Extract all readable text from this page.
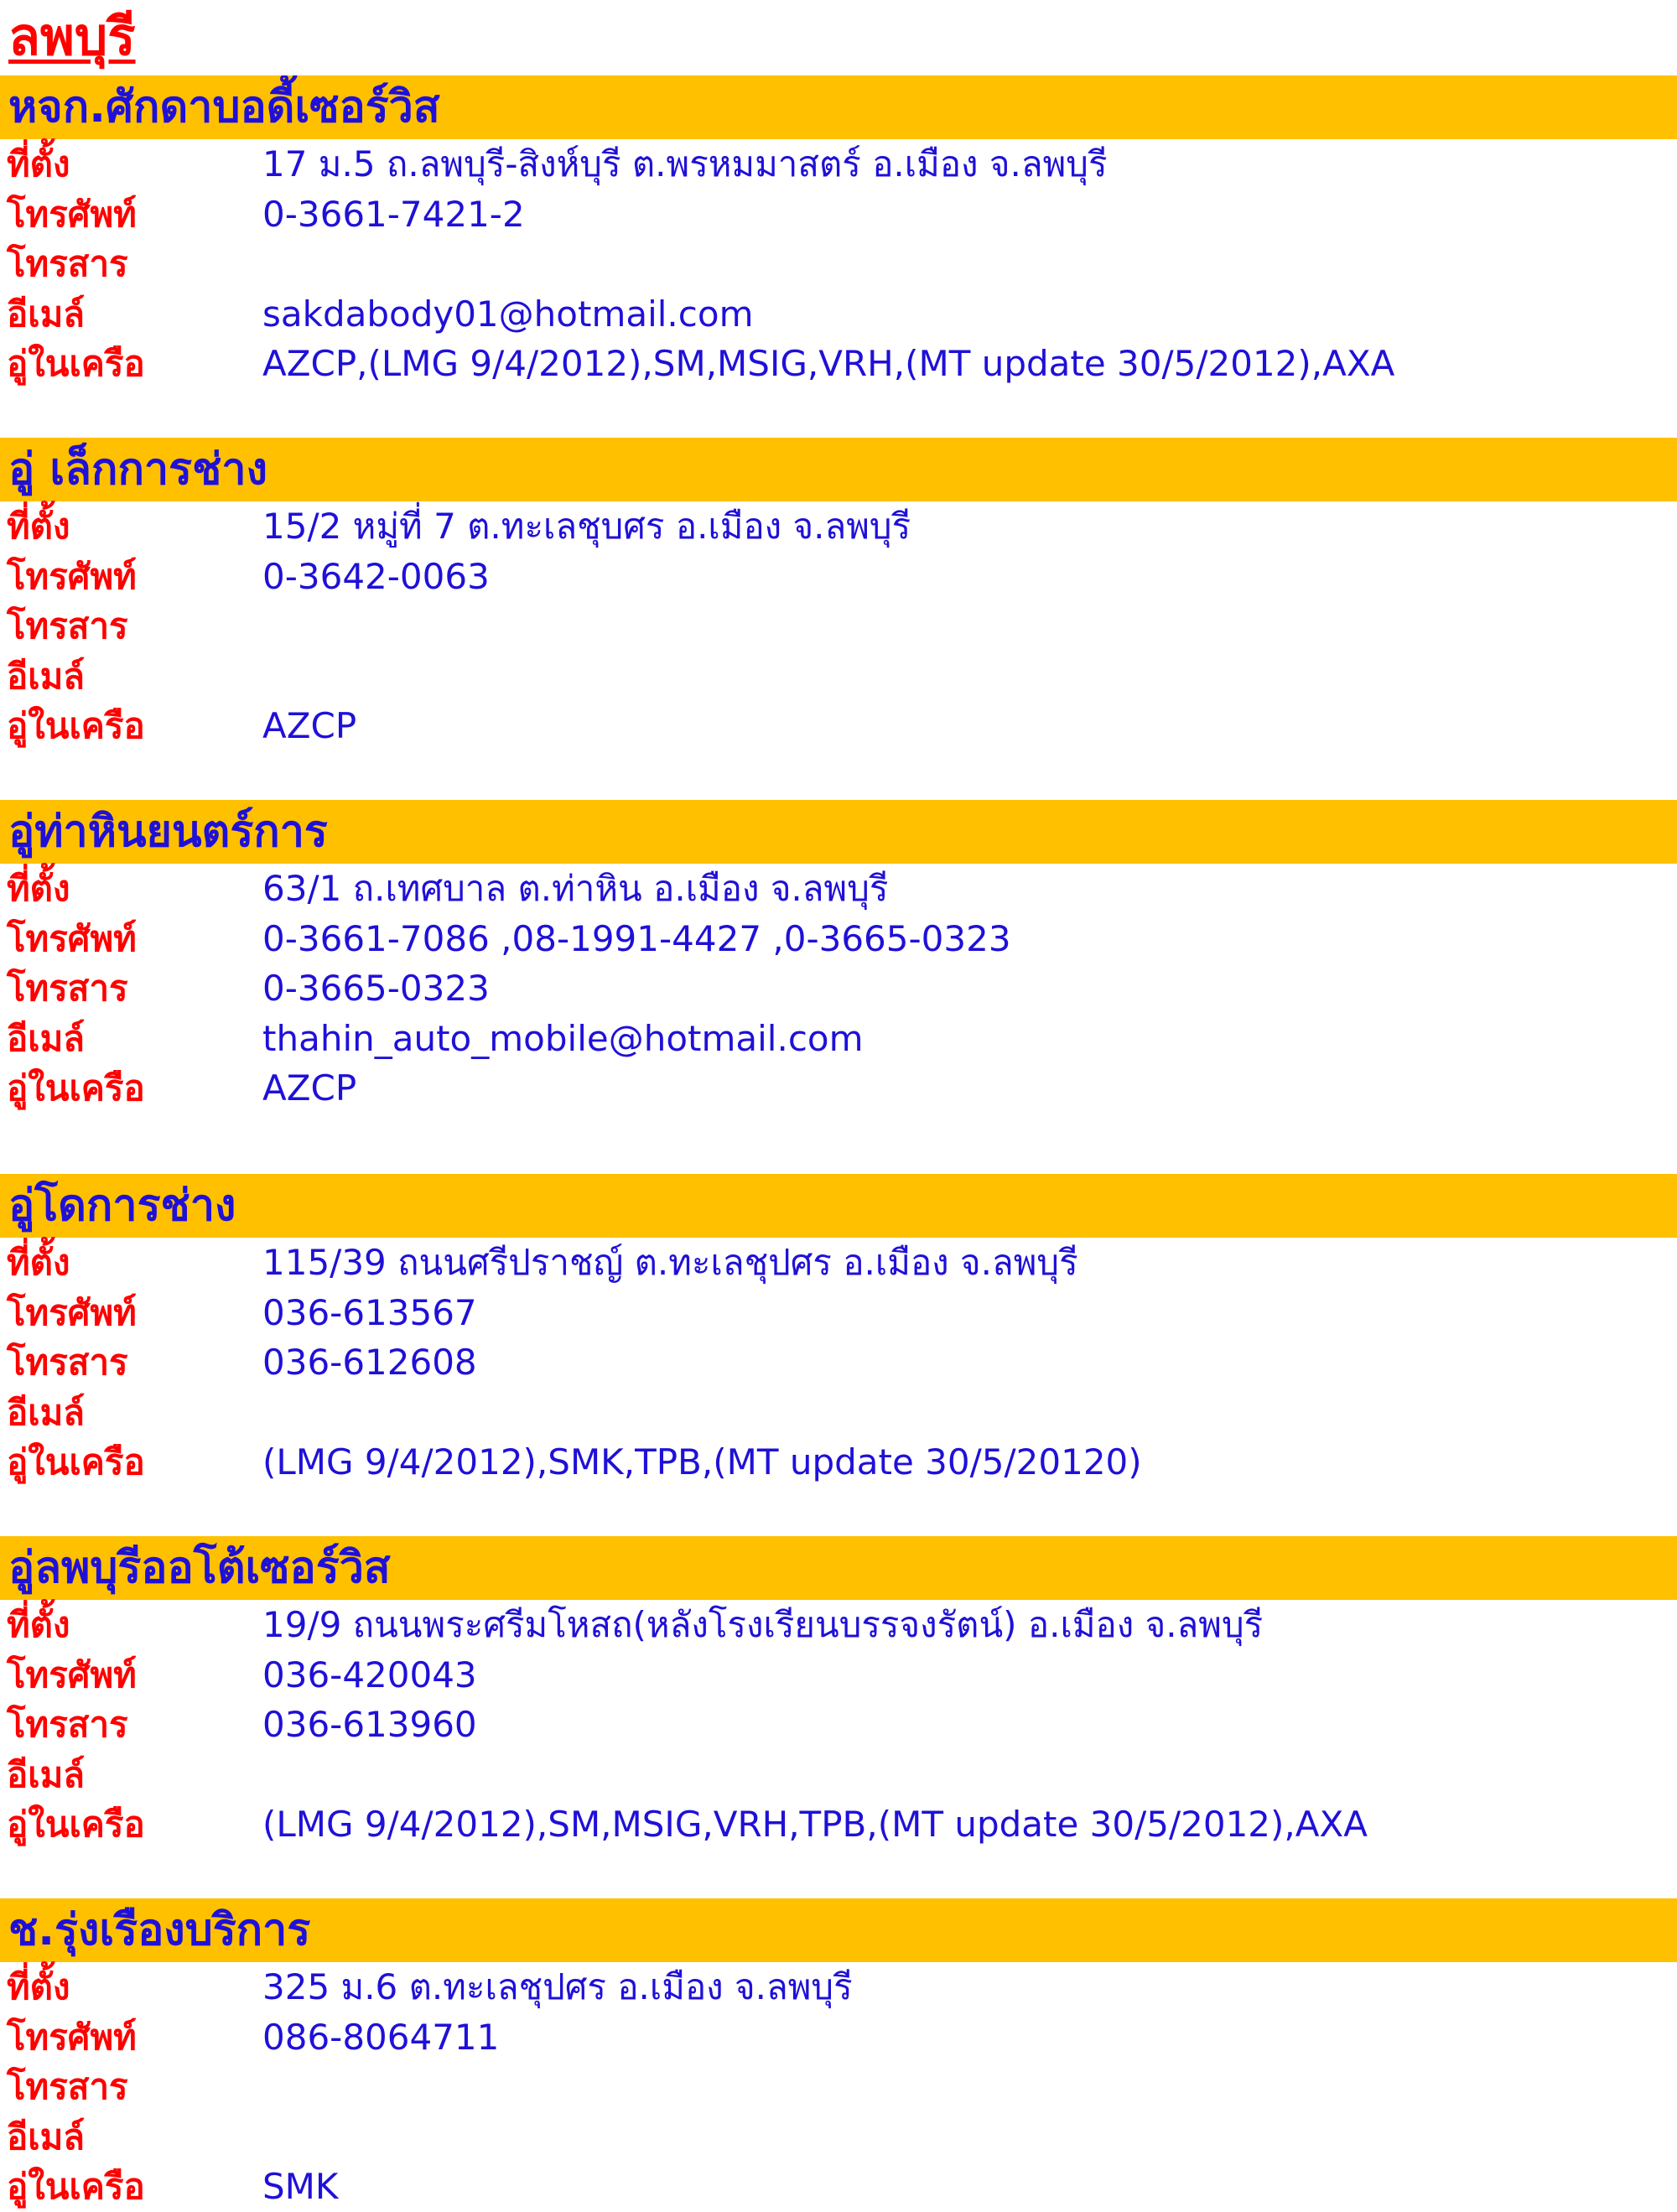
ลพบุรี
หจก.ศักดาบอดี้เซอร์วิส
ที่ตั้ง	17 ม.5 ถ.ลพบุรี-สิงห์บุรี ต.พรหมมาสตร์ อ.เมือง จ.ลพบุรี
โทรศัพท์	0-3661-7421-2
โทรสาร
อีเมล์	sakdabody01@hotmail.com
อู่ในเครือ	AZCP,(LMG 9/4/2012),SM,MSIG,VRH,(MT update 30/5/2012),AXA
อู่ เล็กการช่าง
ที่ตั้ง	15/2 หมู่ที่ 7 ต.ทะเลชุบศร อ.เมือง จ.ลพบุรี
โทรศัพท์	0-3642-0063
โทรสาร
อีเมล์
อู่ในเครือ	AZCP
อู่ท่าหินยนตร์การ
ที่ตั้ง	63/1 ถ.เทศบาล ต.ท่าหิน อ.เมือง จ.ลพบุรี
โทรศัพท์	0-3661-7086 ,08-1991-4427 ,0-3665-0323
โทรสาร	0-3665-0323
อีเมล์	thahin_auto_mobile@hotmail.com
อู่ในเครือ	AZCP
อู่โดการช่าง
ที่ตั้ง	115/39 ถนนศรีปราชญ์ ต.ทะเลชุปศร อ.เมือง จ.ลพบุรี
โทรศัพท์	036-613567
โทรสาร	036-612608
อีเมล์
อู่ในเครือ	(LMG 9/4/2012),SMK,TPB,(MT update 30/5/20120)
อู่ลพบุรีออโต้เซอร์วิส
ที่ตั้ง	19/9 ถนนพระศรีมโหสถ(หลังโรงเรียนบรรจงรัตน์) อ.เมือง จ.ลพบุรี
โทรศัพท์	036-420043
โทรสาร	036-613960
อีเมล์
อู่ในเครือ	(LMG 9/4/2012),SM,MSIG,VRH,TPB,(MT update 30/5/2012),AXA
ช.รุ่งเรืองบริการ
ที่ตั้ง	325 ม.6 ต.ทะเลชุปศร อ.เมือง จ.ลพบุรี
โทรศัพท์	086-8064711
โทรสาร
อีเมล์
อู่ในเครือ	SMK
